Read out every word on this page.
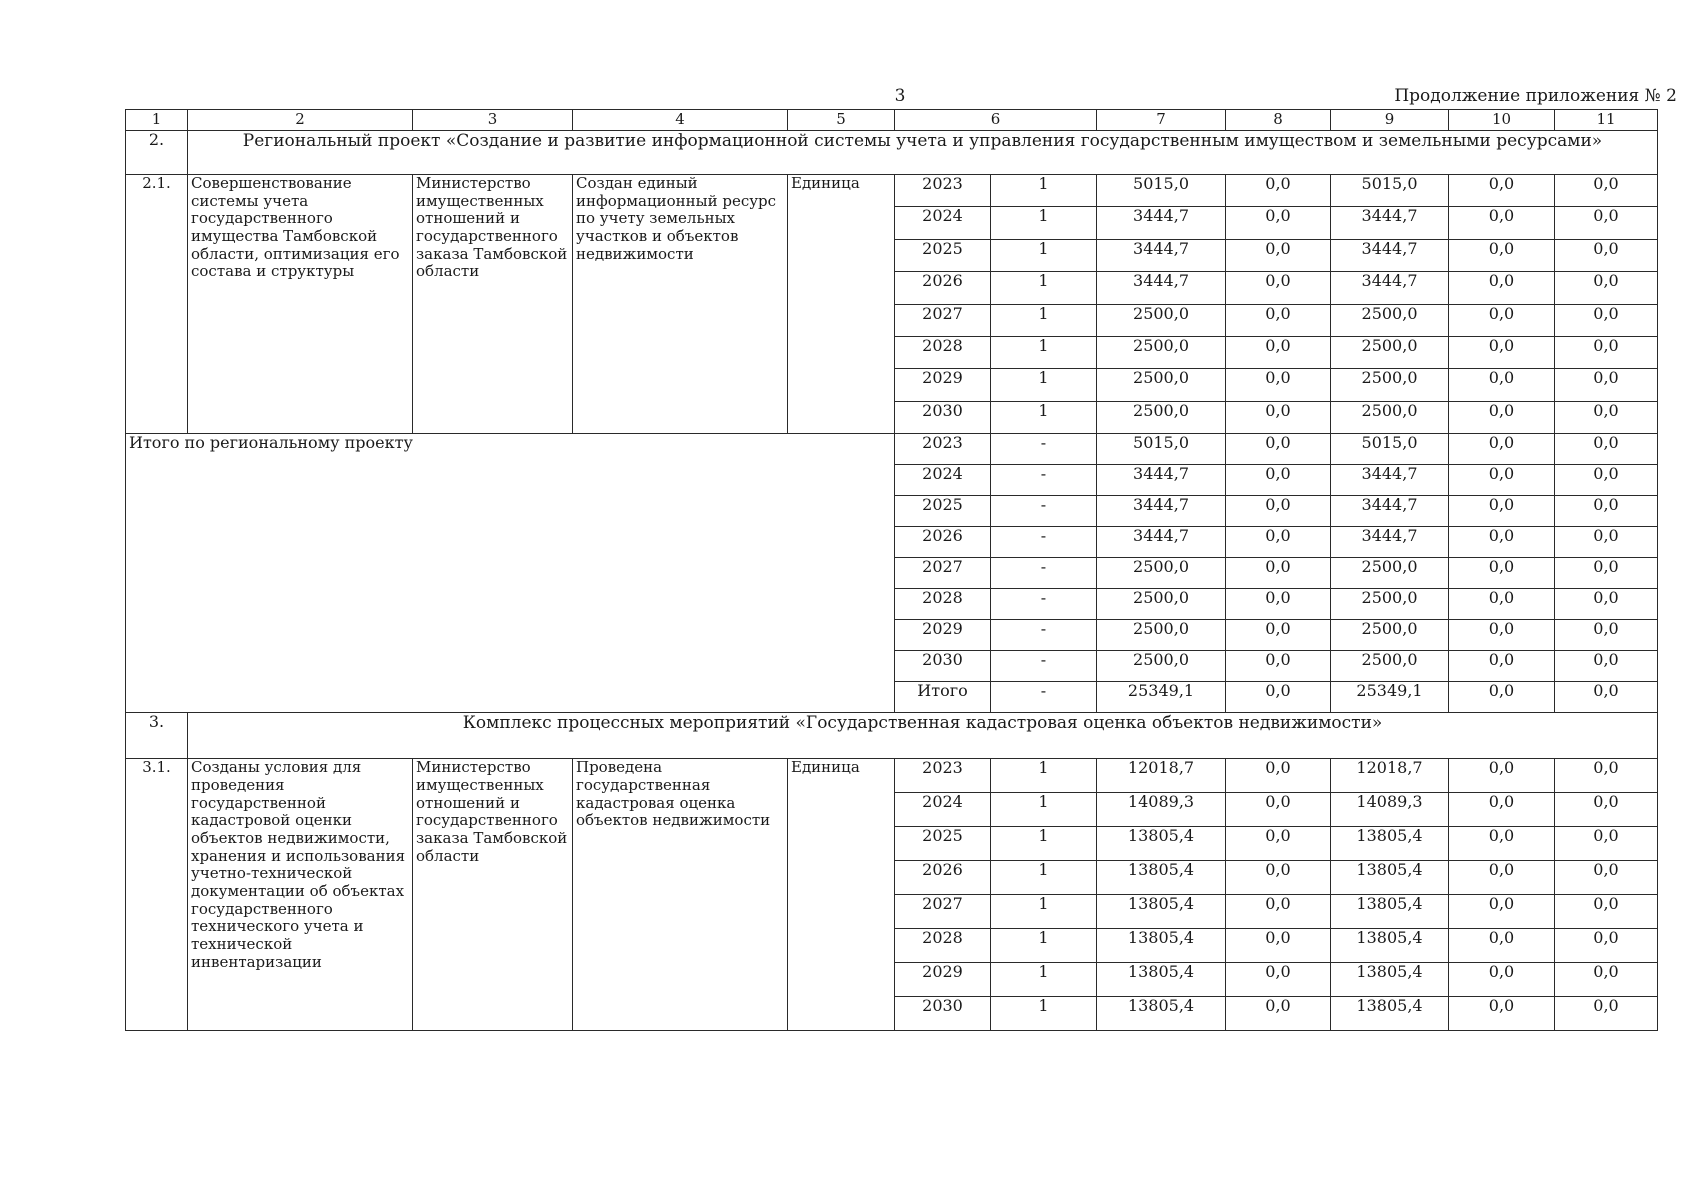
3	Продолжение приложения № 2
1	2	3	4	5	6		7	8	9	10	11
2.	Региональный проект «Создание и развитие информационной системы учета и управления государственным имуществом и земельными ресурсами»										
2.1.	Совершенствование системы учета государственного имущества Тамбовской области, оптимизация его состава и структуры	Министерство имущественных отношений и государственного заказа Тамбовской области	Создан единый информационный ресурс по учету земельных участков и объектов недвижимости	Единица	2023	1	5015,0	0,0	5015,0	0,0	0,0
					2024	1	3444,7	0,0	3444,7	0,0	0,0
					2025	1	3444,7	0,0	3444,7	0,0	0,0
					2026	1	3444,7	0,0	3444,7	0,0	0,0
					2027	1	2500,0	0,0	2500,0	0,0	0,0
					2028	1	2500,0	0,0	2500,0	0,0	0,0
					2029	1	2500,0	0,0	2500,0	0,0	0,0
					2030	1	2500,0	0,0	2500,0	0,0	0,0
Итого по региональному проекту					2023	-	5015,0	0,0	5015,0	0,0	0,0
					2024	-	3444,7	0,0	3444,7	0,0	0,0
					2025	-	3444,7	0,0	3444,7	0,0	0,0
					2026	-	3444,7	0,0	3444,7	0,0	0,0
					2027	-	2500,0	0,0	2500,0	0,0	0,0
					2028	-	2500,0	0,0	2500,0	0,0	0,0
					2029	-	2500,0	0,0	2500,0	0,0	0,0
					2030	-	2500,0	0,0	2500,0	0,0	0,0
					Итого	-	25349,1	0,0	25349,1	0,0	0,0
3.	Комплекс процессных мероприятий «Государственная кадастровая оценка объектов недвижимости»										
3.1.	Созданы условия для проведения государственной кадастровой оценки объектов недвижимости, хранения и использования учетно-технической документации об объектах государственного технического учета и технической инвентаризации	Министерство имущественных отношений и государственного заказа Тамбовской области	Проведена государственная кадастровая оценка объектов недвижимости	Единица	2023	1	12018,7	0,0	12018,7	0,0	0,0
					2024	1	14089,3	0,0	14089,3	0,0	0,0
					2025	1	13805,4	0,0	13805,4	0,0	0,0
					2026	1	13805,4	0,0	13805,4	0,0	0,0
					2027	1	13805,4	0,0	13805,4	0,0	0,0
					2028	1	13805,4	0,0	13805,4	0,0	0,0
					2029	1	13805,4	0,0	13805,4	0,0	0,0
					2030	1	13805,4	0,0	13805,4	0,0	0,0
